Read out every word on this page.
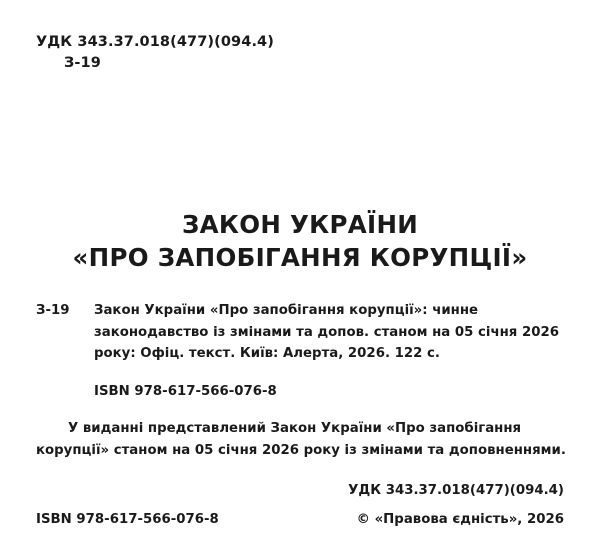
УДК 343.37.018(477)(094.4)
З-19
ЗАКОН УКРАЇНИ
«ПРО ЗАПОБІГАННЯ КОРУПЦІЇ»
З-19	Закон України «Про запобігання корупції»: чинне законодавство із змінами та допов. станом на 05 січня 2026 року: Офіц. текст. Київ: Алерта, 2026. 122 с.
ISBN 978-617-566-076-8

У виданні представлений Закон України «Про запобігання корупції» станом на 05 січня 2026 року із змінами та доповненнями.

УДК 343.37.018(477)(094.4)
ISBN 978-617-566-076-8	© «Правова єдність», 2026
